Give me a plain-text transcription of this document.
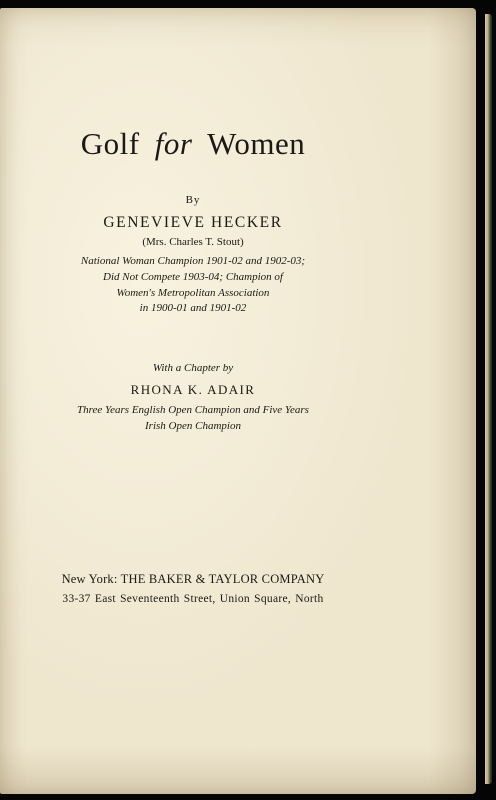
Golf for Women
By
GENEVIEVE HECKER
(Mrs. Charles T. Stout)
National Woman Champion 1901-02 and 1902-03;
Did Not Compete 1903-04; Champion of
Women's Metropolitan Association
in 1900-01 and 1901-02
With a Chapter by
RHONA K. ADAIR
Three Years English Open Champion and Five Years
Irish Open Champion
New York: THE BAKER & TAYLOR COMPANY
33-37 East Seventeenth Street, Union Square, North
